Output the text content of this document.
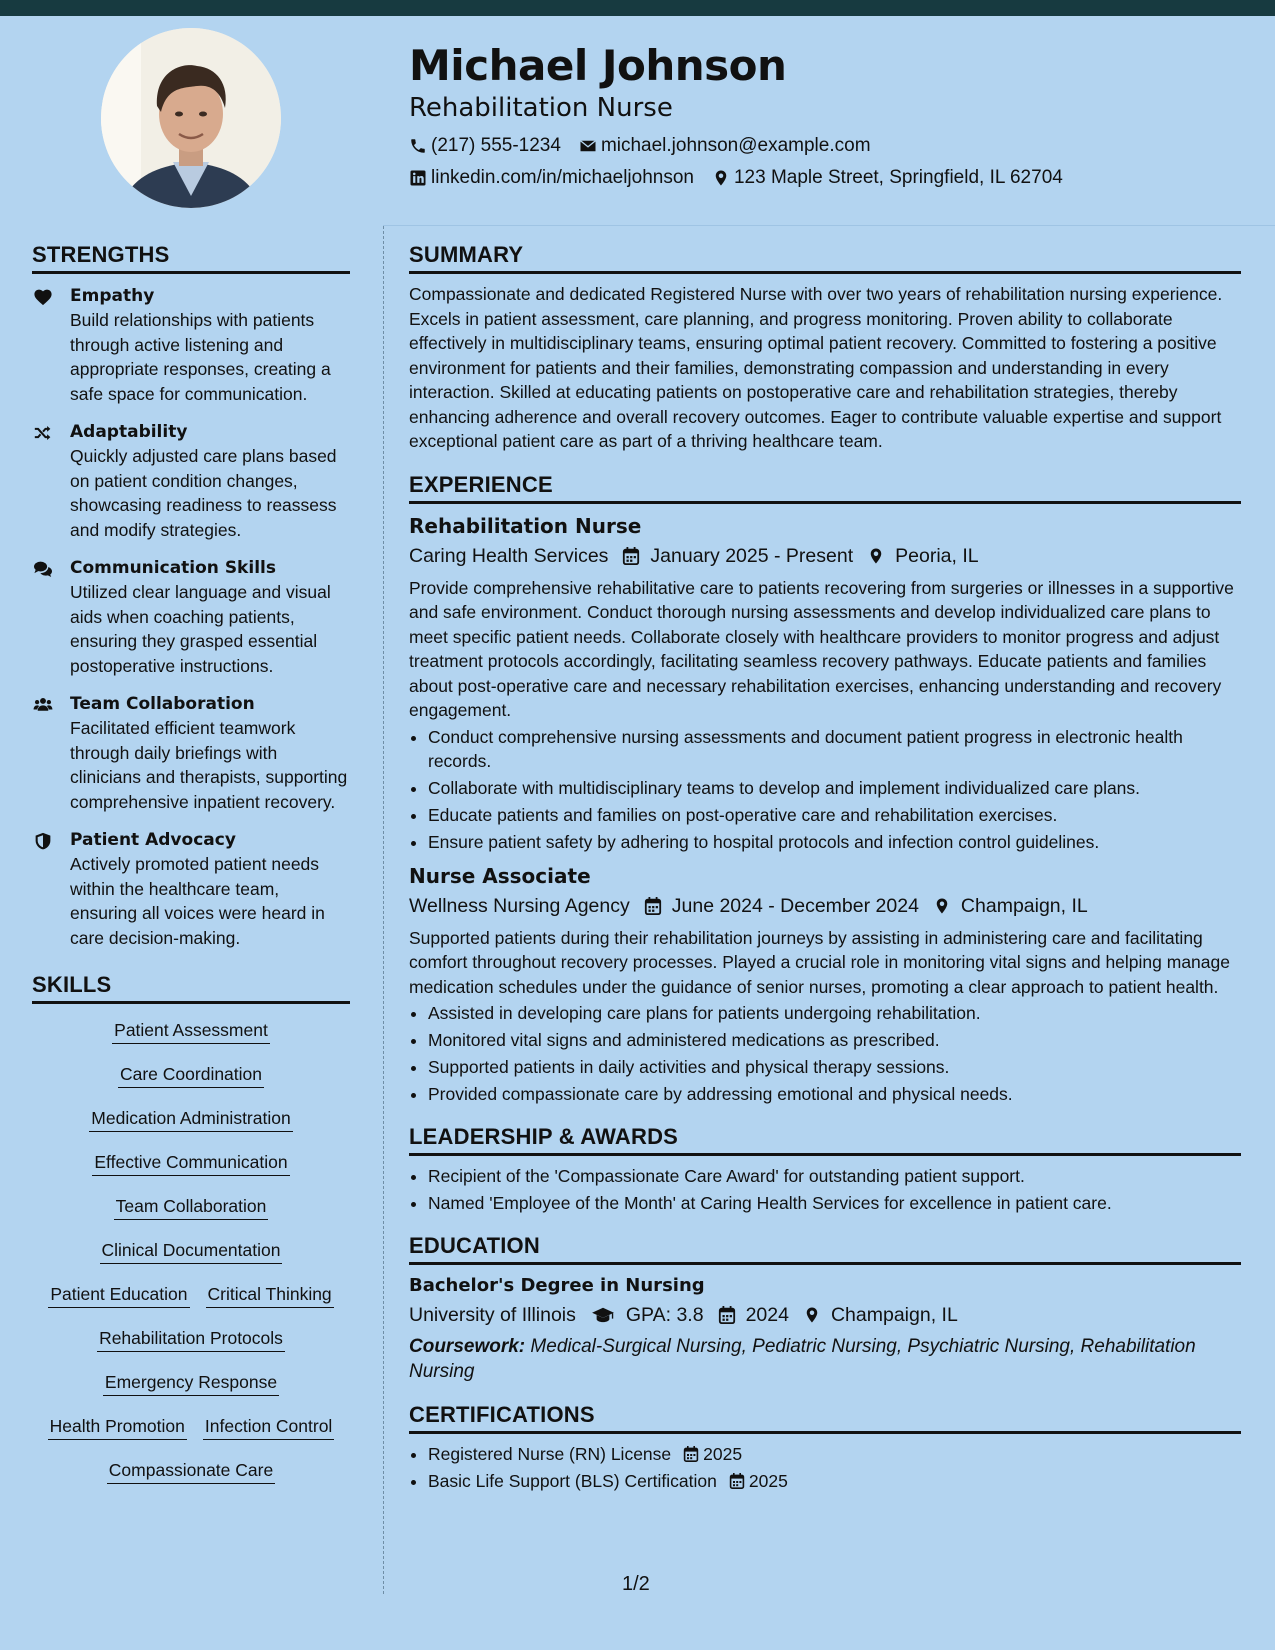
Michael Johnson
Rehabilitation Nurse
(217) 555-1234 michael.johnson@example.com
linkedin.com/in/michaeljohnson 123 Maple Street, Springfield, IL 62704
STRENGTHS
Empathy
Build relationships with patients through active listening and appropriate responses, creating a safe space for communication.
Adaptability
Quickly adjusted care plans based on patient condition changes, showcasing readiness to reassess and modify strategies.
Communication Skills
Utilized clear language and visual aids when coaching patients, ensuring they grasped essential postoperative instructions.
Team Collaboration
Facilitated efficient teamwork through daily briefings with clinicians and therapists, supporting comprehensive inpatient recovery.
Patient Advocacy
Actively promoted patient needs within the healthcare team, ensuring all voices were heard in care decision-making.
SKILLS
Patient Assessment
Care Coordination
Medication Administration
Effective Communication
Team Collaboration
Clinical Documentation
Patient Education Critical Thinking
Rehabilitation Protocols
Emergency Response
Health Promotion Infection Control
Compassionate Care
SUMMARY

Compassionate and dedicated Registered Nurse with over two years of rehabilitation nursing experience. Excels in patient assessment, care planning, and progress monitoring. Proven ability to collaborate effectively in multidisciplinary teams, ensuring optimal patient recovery. Committed to fostering a positive environment for patients and their families, demonstrating compassion and understanding in every interaction. Skilled at educating patients on postoperative care and rehabilitation strategies, thereby enhancing adherence and overall recovery outcomes. Eager to contribute valuable expertise and support exceptional patient care as part of a thriving healthcare team.

EXPERIENCE
Rehabilitation Nurse
Caring Health Services January 2025 - Present Peoria, IL

Provide comprehensive rehabilitative care to patients recovering from surgeries or illnesses in a supportive and safe environment. Conduct thorough nursing assessments and develop individualized care plans to meet specific patient needs. Collaborate closely with healthcare providers to monitor progress and adjust treatment protocols accordingly, facilitating seamless recovery pathways. Educate patients and families about post-operative care and necessary rehabilitation exercises, enhancing understanding and recovery engagement.

• Conduct comprehensive nursing assessments and document patient progress in electronic health records.
• Collaborate with multidisciplinary teams to develop and implement individualized care plans.
• Educate patients and families on post-operative care and rehabilitation exercises.
• Ensure patient safety by adhering to hospital protocols and infection control guidelines.
Nurse Associate
Wellness Nursing Agency June 2024 - December 2024 Champaign, IL

Supported patients during their rehabilitation journeys by assisting in administering care and facilitating comfort throughout recovery processes. Played a crucial role in monitoring vital signs and helping manage medication schedules under the guidance of senior nurses, promoting a clear approach to patient health.

• Assisted in developing care plans for patients undergoing rehabilitation.
• Monitored vital signs and administered medications as prescribed.
• Supported patients in daily activities and physical therapy sessions.
• Provided compassionate care by addressing emotional and physical needs.
LEADERSHIP & AWARDS
• Recipient of the 'Compassionate Care Award' for outstanding patient support.
• Named 'Employee of the Month' at Caring Health Services for excellence in patient care.
EDUCATION
Bachelor's Degree in Nursing
University of Illinois	GPA: 3.8 2024 Champaign, IL
Coursework: Medical-Surgical Nursing, Pediatric Nursing, Psychiatric Nursing, Rehabilitation Nursing
CERTIFICATIONS
• Registered Nurse (RN) License 2025
• Basic Life Support (BLS) Certification 2025
1/2
